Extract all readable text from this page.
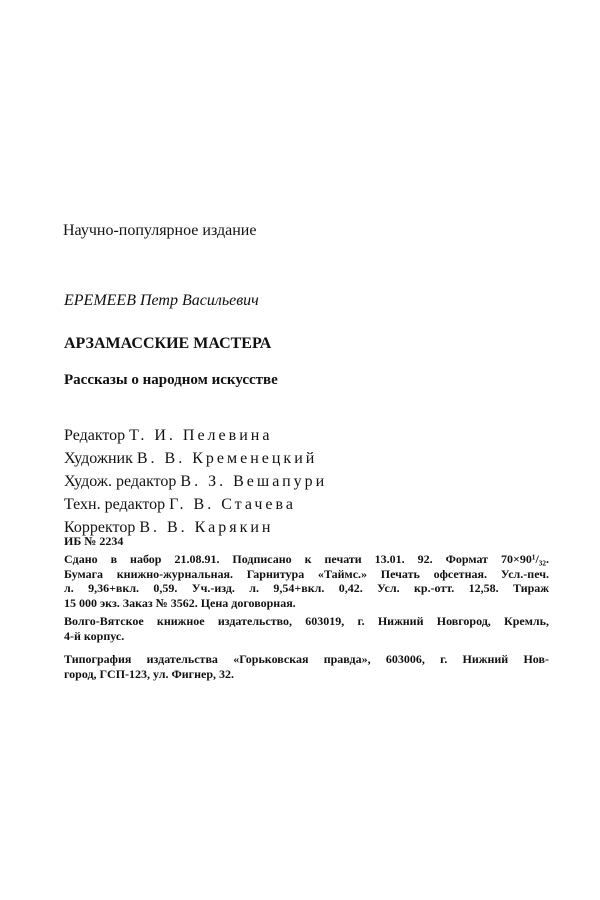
Научно-популярное издание
ЕРЕМЕЕВ Петр Васильевич
АРЗАМАССКИЕ МАСТЕРА
Рассказы о народном искусстве
Редактор Т. И. Пелевина
Художник В. В. Кременецкий
Худож. редактор В. З. Вешапури
Техн. редактор Г. В. Стачева
Корректор В. В. Карякин
ИБ № 2234
Сдано в набор 21.08.91. Подписано к печати 13.01. 92. Формат 70×90¹/₃₂.
Бумага книжно-журнальная. Гарнитура «Таймс.» Печать офсетная. Усл.-печ.
л. 9,36+вкл. 0,59. Уч.-изд. л. 9,54+вкл. 0,42. Усл. кр.-отт. 12,58. Тираж
15 000 экз. Заказ № 3562. Цена договорная.
Волго-Вятское книжное издательство, 603019, г. Нижний Новгород, Кремль,
4-й корпус.
Типография издательства «Горьковская правда», 603006, г. Нижний Нов-
город, ГСП-123, ул. Фигнер, 32.
